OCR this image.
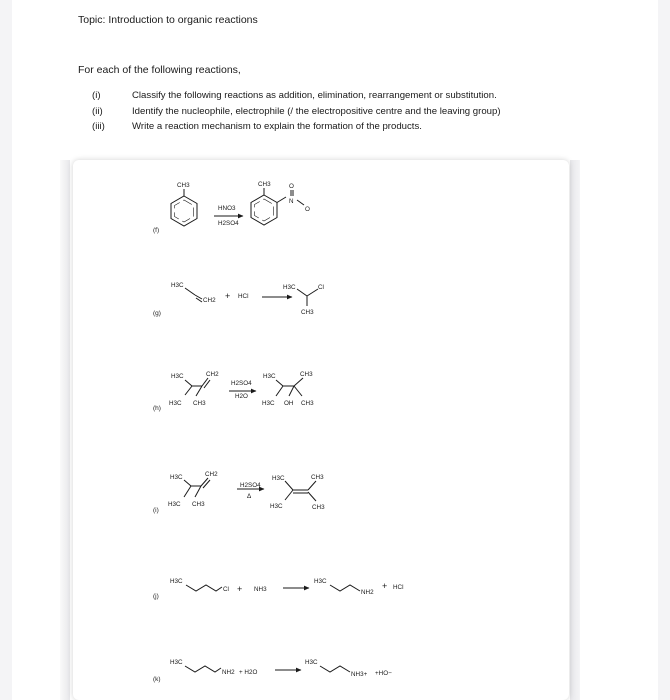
Topic: Introduction to organic reactions
For each of the following reactions,
(i)	Classify the following reactions as addition, elimination, rearrangement or substitution.
(ii)	Identify the nucleophile, electrophile (/ the electropositive centre and the leaving group)
(iii)	Write a reaction mechanism to explain the formation of the products.
(f)
CH3
HNO3
H2SO4
CH3	O
N
O
(g)
H3C
CH2 + HCl
H3C	Cl
CH3
(h)
H3C	CH2
H3C CH3
H2SO4
H2O
H3C	CH3
H3C OH CH3
(i)
H3C	CH2
H3C CH3
H2SO4
Δ
H3C	CH3
H3C	CH3
(j)
H3C
Cl + NH3
H3C
NH2
+ HCl
(k)
H3C
NH2 + H2O
H3C
NH3+ +HO−
